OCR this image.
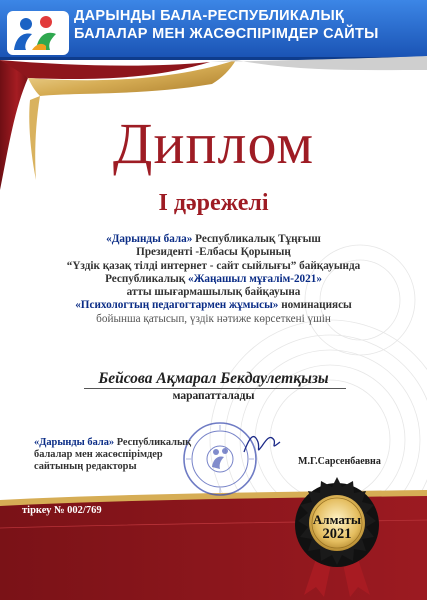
ДАРЫНДЫ БАЛА-РЕСПУБЛИКАЛЫҚ
БАЛАЛАР МЕН ЖАСӨСПІРІМДЕР САЙТЫ
Диплом
I дәрежелі
«Дарынды бала» Республикалық Тұңғыш
Президенті -Елбасы Қорының
“Үздік қазақ тілді интернет - сайт сыйлығы” байқауында
Республикалық «Жаңашыл мұғалім-2021»
атты шығармашылық байқауына
«Психологтың педагогтармен жұмысы» номинациясы
бойынша қатысып, үздік нәтиже көрсеткені үшін
Бейсова Ақмарал Бекдаулетқызы
марапатталады
«Дарынды бала» Республикалық
балалар мен жасөспірімдер
сайтының редакторы	М.Г.Сарсенбаевна
тіркеу № 002/769
Алматы
2021
